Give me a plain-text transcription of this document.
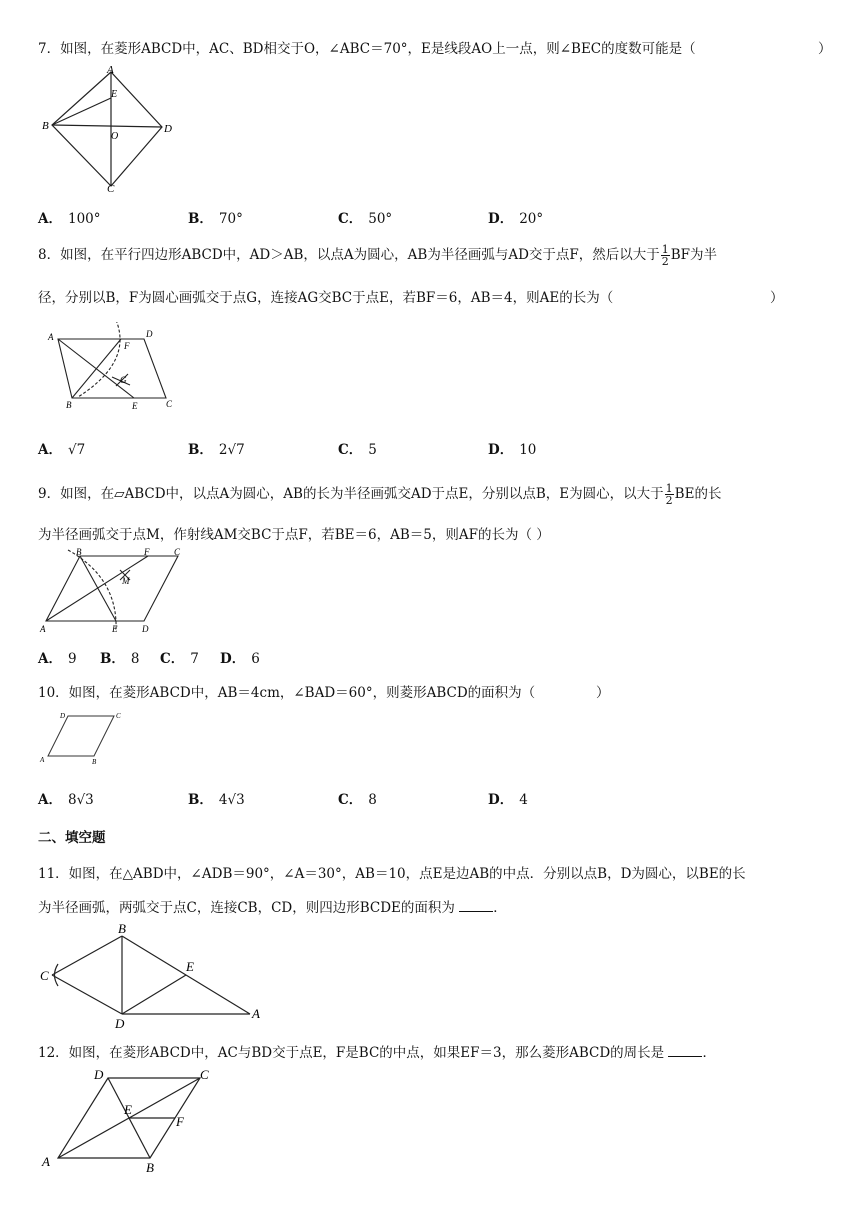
7．如图，在菱形ABCD中，AC、BD相交于O，∠ABC＝70°，E是线段AO上一点，则∠BEC的度数可能是（	）
A
B
C
D
E
O
A． 100°	B． 70°	C． 50°	D． 20°
8．如图，在平行四边形ABCD中，AD＞AB，以点A为圆心，AB为半径画弧与AD交于点F，然后以大于 $\frac{1}{2}$ BF为半
径，分别以B，F为圆心画弧交于点G，连接AG交BC于点E，若BF＝6，AB＝4，则AE的长为（	）
A	D
F
G
B	E	C
A． √7	B． 2√7	C． 5	D． 10
9．如图，在▱ABCD中，以点A为圆心，AB的长为半径画弧交AD于点E，分别以点B，E为圆心，以大于 $\frac{1}{2}$ BE的长
为半径画弧交于点M，作射线AM交BC于点F，若BE＝6，AB＝5，则AF的长为（ ）
B	F	C
M
A	E	D
A． 9 B． 8 C． 7 D． 6
10．如图，在菱形ABCD中，AB＝4cm，∠BAD＝60°，则菱形ABCD的面积为（	）
D	C
A	B
A． 8√3	B． 4√3	C． 8	D． 4
二、填空题
11．如图，在△ABD中，∠ADB＝90°，∠A＝30°，AB＝10，点E是边AB的中点．分别以点B，D为圆心，以BE的长
为半径画弧，两弧交于点C，连接CB，CD，则四边形BCDE的面积为	．
B
C
E
D
A
12．如图，在菱形ABCD中，AC与BD交于点E，F是BC的中点，如果EF＝3，那么菱形ABCD的周长是	．
D	C
E
F
A	B
